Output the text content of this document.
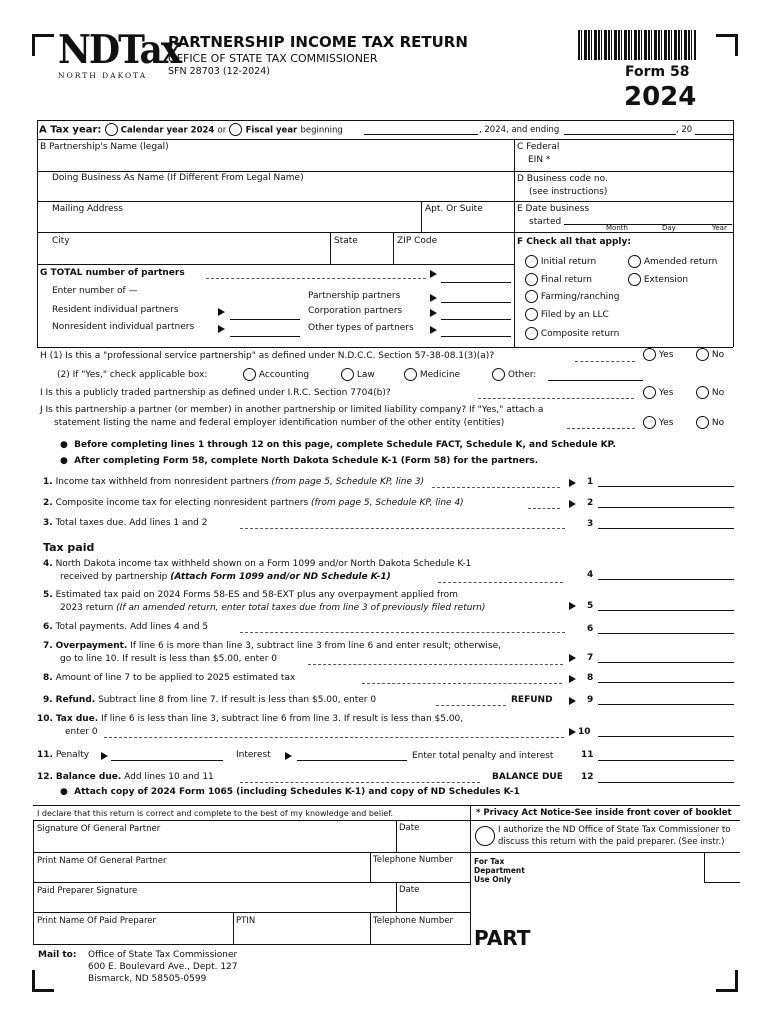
NDTax
NORTH DAKOTA
PARTNERSHIP INCOME TAX RETURN
OFFICE OF STATE TAX COMMISSIONER
SFN 28703 (12-2024)	Form 58
2024
A Tax year: Calendar year 2024 or Fiscal year beginning	, 2024, and ending	, 20
B Partnership's Name (legal)	C Federal
EIN *
Doing Business As Name (If Different From Legal Name)	D Business code no.
(see instructions)
Mailing Address	Apt. Or Suite	E Date business
started
Month	Day	Year
City	State	ZIP Code	F Check all that apply:
Initial return	Amended return
Final return	Extension
Farming/ranching
Filed by an LLC
Composite return
G TOTAL number of partners
Enter number of —
Resident individual partners
Nonresident individual partners
Partnership partners
Corporation partners
Other types of partners
H (1) Is this a "professional service partnership" as defined under N.D.C.C. Section 57-38-08.1(3)(a)?	Yes	No
(2) If "Yes," check applicable box:	Accounting	Law	Medicine	Other:
I Is this a publicly traded partnership as defined under I.R.C. Section 7704(b)?	Yes	No
J Is this partnership a partner (or member) in another partnership or limited liability company? If "Yes," attach a
statement listing the name and federal employer identification number of the other entity (entities)	Yes	No
● Before completing lines 1 through 12 on this page, complete Schedule FACT, Schedule K, and Schedule KP.
● After completing Form 58, complete North Dakota Schedule K-1 (Form 58) for the partners.
1. Income tax withheld from nonresident partners (from page 5, Schedule KP, line 3)	1
2. Composite income tax for electing nonresident partners (from page 5, Schedule KP, line 4)	2
3. Total taxes due. Add lines 1 and 2	3
Tax paid
4. North Dakota income tax withheld shown on a Form 1099 and/or North Dakota Schedule K-1
received by partnership (Attach Form 1099 and/or ND Schedule K-1)	4
5. Estimated tax paid on 2024 Forms 58-ES and 58-EXT plus any overpayment applied from
2023 return (If an amended return, enter total taxes due from line 3 of previously filed return)	5
6. Total payments. Add lines 4 and 5	6
7. Overpayment. If line 6 is more than line 3, subtract line 3 from line 6 and enter result; otherwise,
go to line 10. If result is less than $5.00, enter 0	7
8. Amount of line 7 to be applied to 2025 estimated tax	8
9. Refund. Subtract line 8 from line 7. If result is less than $5.00, enter 0	REFUND	9
10. Tax due. If line 6 is less than line 3, subtract line 6 from line 3. If result is less than $5.00,
enter 0	10
11. Penalty	Interest	Enter total penalty and interest	11
12. Balance due. Add lines 10 and 11	BALANCE DUE 12
● Attach copy of 2024 Form 1065 (including Schedules K-1) and copy of ND Schedules K-1
I declare that this return is correct and complete to the best of my knowledge and belief.	* Privacy Act Notice-See inside front cover of booklet
Signature Of General Partner	Date	I authorize the ND Office of State Tax Commissioner to
discuss this return with the paid preparer. (See instr.)
Print Name Of General Partner	Telephone Number	For Tax
Department
Use Only
Paid Preparer Signature	Date
Print Name Of Paid Preparer	PTIN	Telephone Number
PART
Mail to: Office of State Tax Commissioner
600 E. Boulevard Ave., Dept. 127
Bismarck, ND 58505-0599
